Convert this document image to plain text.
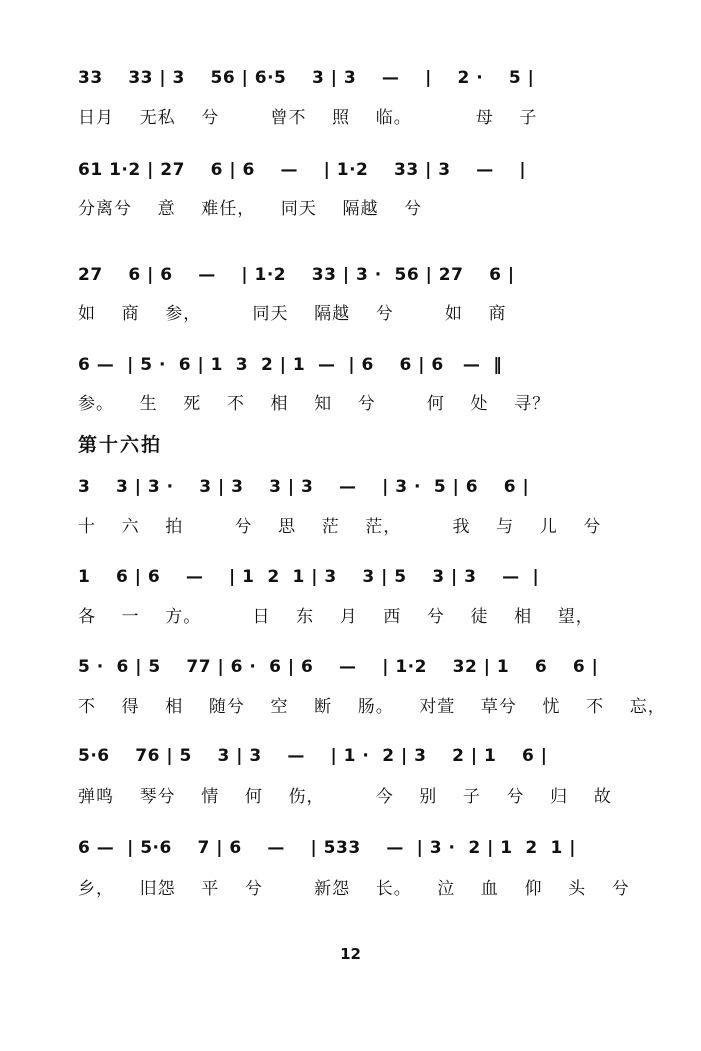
33    33 | 3    56 | 6·5    3 | 3    —    |    2 ·    5 |
日月    无私    兮        曾不    照    临。          母    子
61 1·2 | 27    6 | 6    —    | 1·2    33 | 3    —    |
分离兮    意    难任，    同天    隔越    兮
27    6 | 6    —    | 1·2    33 | 3 ·  56 | 27    6 |
如    商    参，        同天    隔越    兮        如    商
6 —  | 5 ·  6 | 1  3  2 | 1  —  | 6    6 | 6   —  ‖
参。    生    死    不    相    知    兮        何    处    寻？
第十六拍
3    3 | 3 ·    3 | 3    3 | 3    —    | 3 ·  5 | 6    6 |
十    六    拍        兮    思    茫    茫，        我    与    儿    兮
1    6 | 6    —    | 1  2  1 | 3    3 | 5    3 | 3    —  |
各    一    方。        日    东    月    西    兮    徒    相    望，
5 ·  6 | 5    77 | 6 ·  6 | 6    —    | 1·2    32 | 1    6    6 |
不    得    相    随兮    空    断    肠。    对萱    草兮    忧    不    忘，
5·6    76 | 5    3 | 3    —    | 1 ·  2 | 3    2 | 1    6 |
弹鸣    琴兮    情    何    伤，        今    别    子    兮    归    故
6 —  | 5·6    7 | 6    —    | 533    —  | 3 ·  2 | 1  2  1 |
乡，    旧怨    平    兮        新怨    长。    泣    血    仰    头    兮
12
